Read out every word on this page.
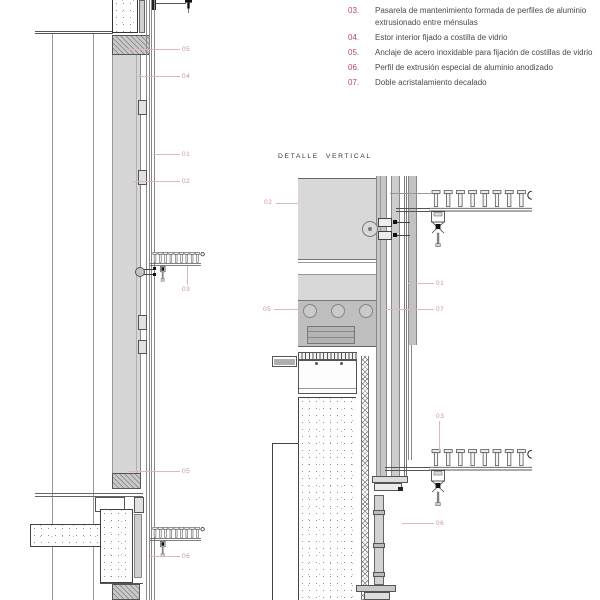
05
04
01
02
03
05
06
DETALLE  VERTICAL
02
01
05	07
03
06
03.	Pasarela de mantenimiento formada de perfiles de aluminio extrusionado entre ménsulas
04.	Estor interior fijado a costilla de vidrio
05.	Anclaje de acero inoxidable para fijación de costillas de vidrio
06.	Perfil de extrusión especial de aluminio anodizado
07.	Doble acristalamiento decalado
